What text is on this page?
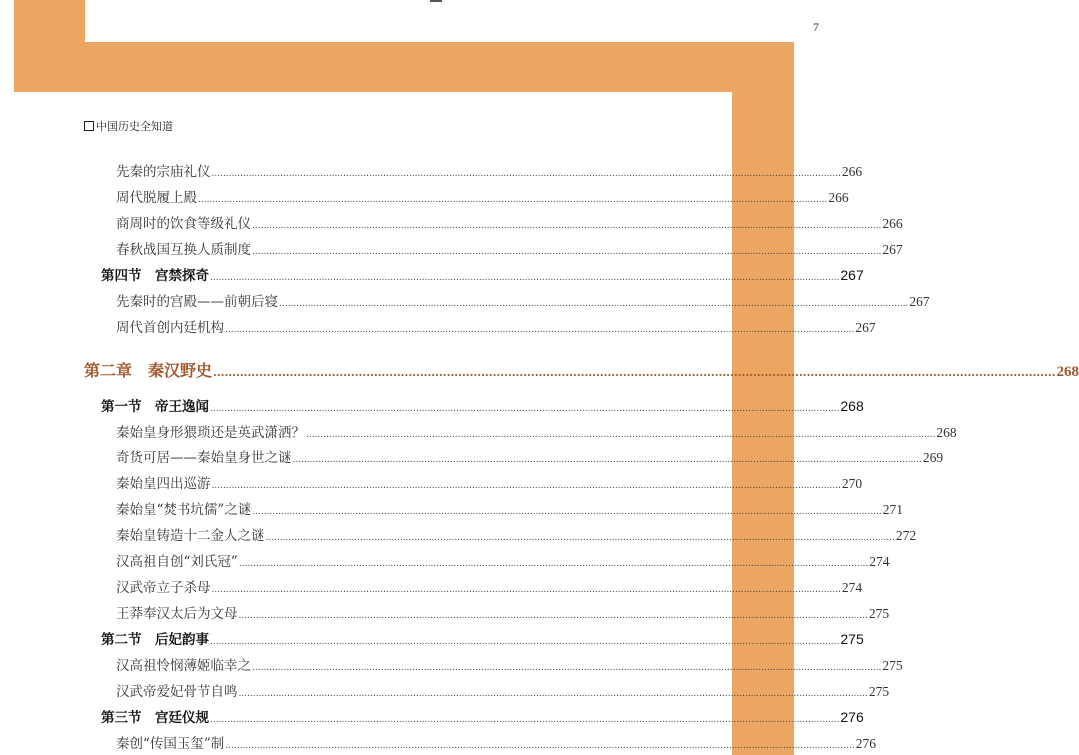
7
中国历史全知道
先秦的宗庙礼仪 ............................................................................................................................................................................................................................ 266
周代脱履上殿 ............................................................................................................................................................................................................................ 266
商周时的饮食等级礼仪 ............................................................................................................................................................................................................................ 266
春秋战国互换人质制度 ............................................................................................................................................................................................................................ 267
第四节　宫禁探奇 ............................................................................................................................................................................................................................ 267
先秦时的宫殿——前朝后寝 ............................................................................................................................................................................................................................ 267
周代首创内廷机构 ............................................................................................................................................................................................................................ 267
第二章　秦汉野史 ............................................................................................................................................................................................................................ 268
第一节　帝王逸闻 ............................................................................................................................................................................................................................ 268
秦始皇身形猥琐还是英武潇洒？ ............................................................................................................................................................................................................................ 268
奇货可居——秦始皇身世之谜 ............................................................................................................................................................................................................................ 269
秦始皇四出巡游 ............................................................................................................................................................................................................................ 270
秦始皇“焚书坑儒”之谜 ............................................................................................................................................................................................................................ 271
秦始皇铸造十二金人之谜 ............................................................................................................................................................................................................................ 272
汉高祖自创“刘氏冠” ............................................................................................................................................................................................................................ 274
汉武帝立子杀母 ............................................................................................................................................................................................................................ 274
王莽奉汉太后为文母 ............................................................................................................................................................................................................................ 275
第二节　后妃韵事 ............................................................................................................................................................................................................................ 275
汉高祖怜悯薄姬临幸之 ............................................................................................................................................................................................................................ 275
汉武帝爱妃骨节自鸣 ............................................................................................................................................................................................................................ 275
第三节　宫廷仪规 ............................................................................................................................................................................................................................ 276
秦创“传国玉玺”制 ............................................................................................................................................................................................................................ 276
